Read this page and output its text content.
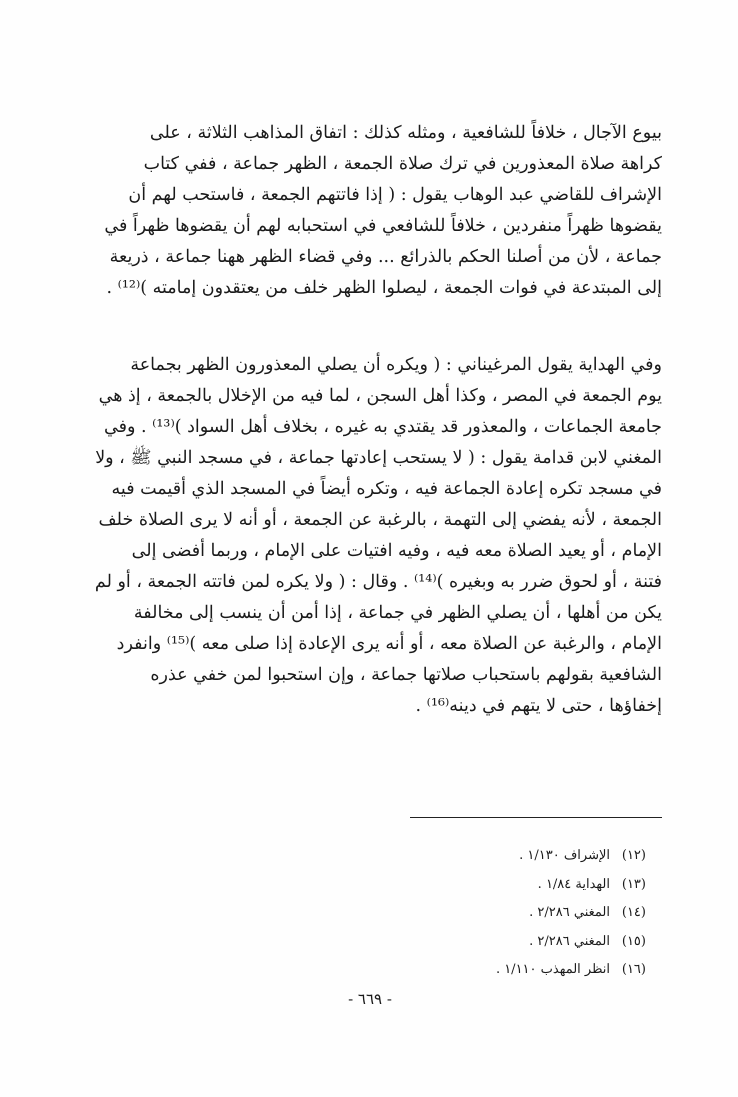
بيوع الآجال ، خلافاً للشافعية ، ومثله كذلك : اتفاق المذاهب الثلاثة ، على
كراهة صلاة المعذورين في ترك صلاة الجمعة ، الظهر جماعة ، ففي كتاب
الإشراف للقاضي عبد الوهاب يقول : ( إذا فاتتهم الجمعة ، فاستحب لهم أن
يقضوها ظهراً منفردين ، خلافاً للشافعي في استحبابه لهم أن يقضوها ظهراً في
جماعة ، لأن من أصلنا الحكم بالذرائع ... وفي قضاء الظهر ههنا جماعة ، ذريعة
إلى المبتدعة في فوات الجمعة ، ليصلوا الظهر خلف من يعتقدون إمامته )⁽¹²⁾ .
وفي الهداية يقول المرغيناني : ( ويكره أن يصلي المعذورون الظهر بجماعة
يوم الجمعة في المصر ، وكذا أهل السجن ، لما فيه من الإخلال بالجمعة ، إذ هي
جامعة الجماعات ، والمعذور قد يقتدي به غيره ، بخلاف أهل السواد )⁽¹³⁾ . وفي
المغني لابن قدامة يقول : ( لا يستحب إعادتها جماعة ، في مسجد النبي ﷺ ، ولا
في مسجد تكره إعادة الجماعة فيه ، وتكره أيضاً في المسجد الذي أقيمت فيه
الجمعة ، لأنه يفضي إلى التهمة ، بالرغبة عن الجمعة ، أو أنه لا يرى الصلاة خلف
الإمام ، أو يعيد الصلاة معه فيه ، وفيه افتيات على الإمام ، وربما أفضى إلى
فتنة ، أو لحوق ضرر به وبغيره )⁽¹⁴⁾ . وقال : ( ولا يكره لمن فاتته الجمعة ، أو لم
يكن من أهلها ، أن يصلي الظهر في جماعة ، إذا أمن أن ينسب إلى مخالفة
الإمام ، والرغبة عن الصلاة معه ، أو أنه يرى الإعادة إذا صلى معه )⁽¹⁵⁾ وانفرد
الشافعية بقولهم باستحباب صلاتها جماعة ، وإن استحبوا لمن خفي عذره
إخفاؤها ، حتى لا يتهم في دينه⁽¹⁶⁾ .
(١٢)الإشراف ١/١٣٠ .
(١٣)الهداية ١/٨٤ .
(١٤)المغني ٢/٢٨٦ .
(١٥)المغني ٢/٢٨٦ .
(١٦)انظر المهذب ١/١١٠ .
- ٦٦٩ -
